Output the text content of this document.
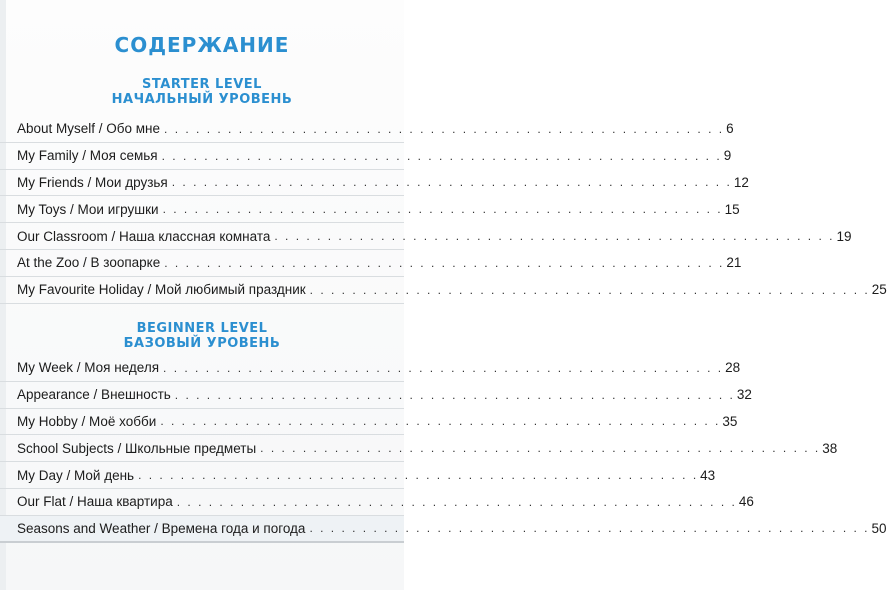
СОДЕРЖАНИЕ
STARTER LEVEL
НАЧАЛЬНЫЙ УРОВЕНЬ
About Myself / Обо мне . . . . . . . . . . . . . . . . . . . . . . . . . . . . . . . . . . . . . . . . . . . . . . . . . . . . . 6
My Family / Моя семья . . . . . . . . . . . . . . . . . . . . . . . . . . . . . . . . . . . . . . . . . . . . . . . . . . . . . 9
My Friends / Мои друзья . . . . . . . . . . . . . . . . . . . . . . . . . . . . . . . . . . . . . . . . . . . . . . . . . . . . . 12
My Toys / Мои игрушки . . . . . . . . . . . . . . . . . . . . . . . . . . . . . . . . . . . . . . . . . . . . . . . . . . . . . 15
Our Classroom / Наша классная комната . . . . . . . . . . . . . . . . . . . . . . . . . . . . . . . . . . . . . . . . . . . . . . . . . . . . . 19
At the Zoo / В зоопарке . . . . . . . . . . . . . . . . . . . . . . . . . . . . . . . . . . . . . . . . . . . . . . . . . . . . . 21
My Favourite Holiday / Мой любимый праздник . . . . . . . . . . . . . . . . . . . . . . . . . . . . . . . . . . . . . . . . . . . . . . . . . . . . . 25
BEGINNER LEVEL
БАЗОВЫЙ УРОВЕНЬ
My Week / Моя неделя . . . . . . . . . . . . . . . . . . . . . . . . . . . . . . . . . . . . . . . . . . . . . . . . . . . . . 28
Appearance / Внешность . . . . . . . . . . . . . . . . . . . . . . . . . . . . . . . . . . . . . . . . . . . . . . . . . . . . . 32
My Hobby / Моё хобби . . . . . . . . . . . . . . . . . . . . . . . . . . . . . . . . . . . . . . . . . . . . . . . . . . . . . 35
School Subjects / Школьные предметы . . . . . . . . . . . . . . . . . . . . . . . . . . . . . . . . . . . . . . . . . . . . . . . . . . . . . 38
My Day / Мой день . . . . . . . . . . . . . . . . . . . . . . . . . . . . . . . . . . . . . . . . . . . . . . . . . . . . . 43
Our Flat / Наша квартира . . . . . . . . . . . . . . . . . . . . . . . . . . . . . . . . . . . . . . . . . . . . . . . . . . . . . 46
Seasons and Weather / Времена года и погода . . . . . . . . . . . . . . . . . . . . . . . . . . . . . . . . . . . . . . . . . . . . . . . . . . . . . 50
